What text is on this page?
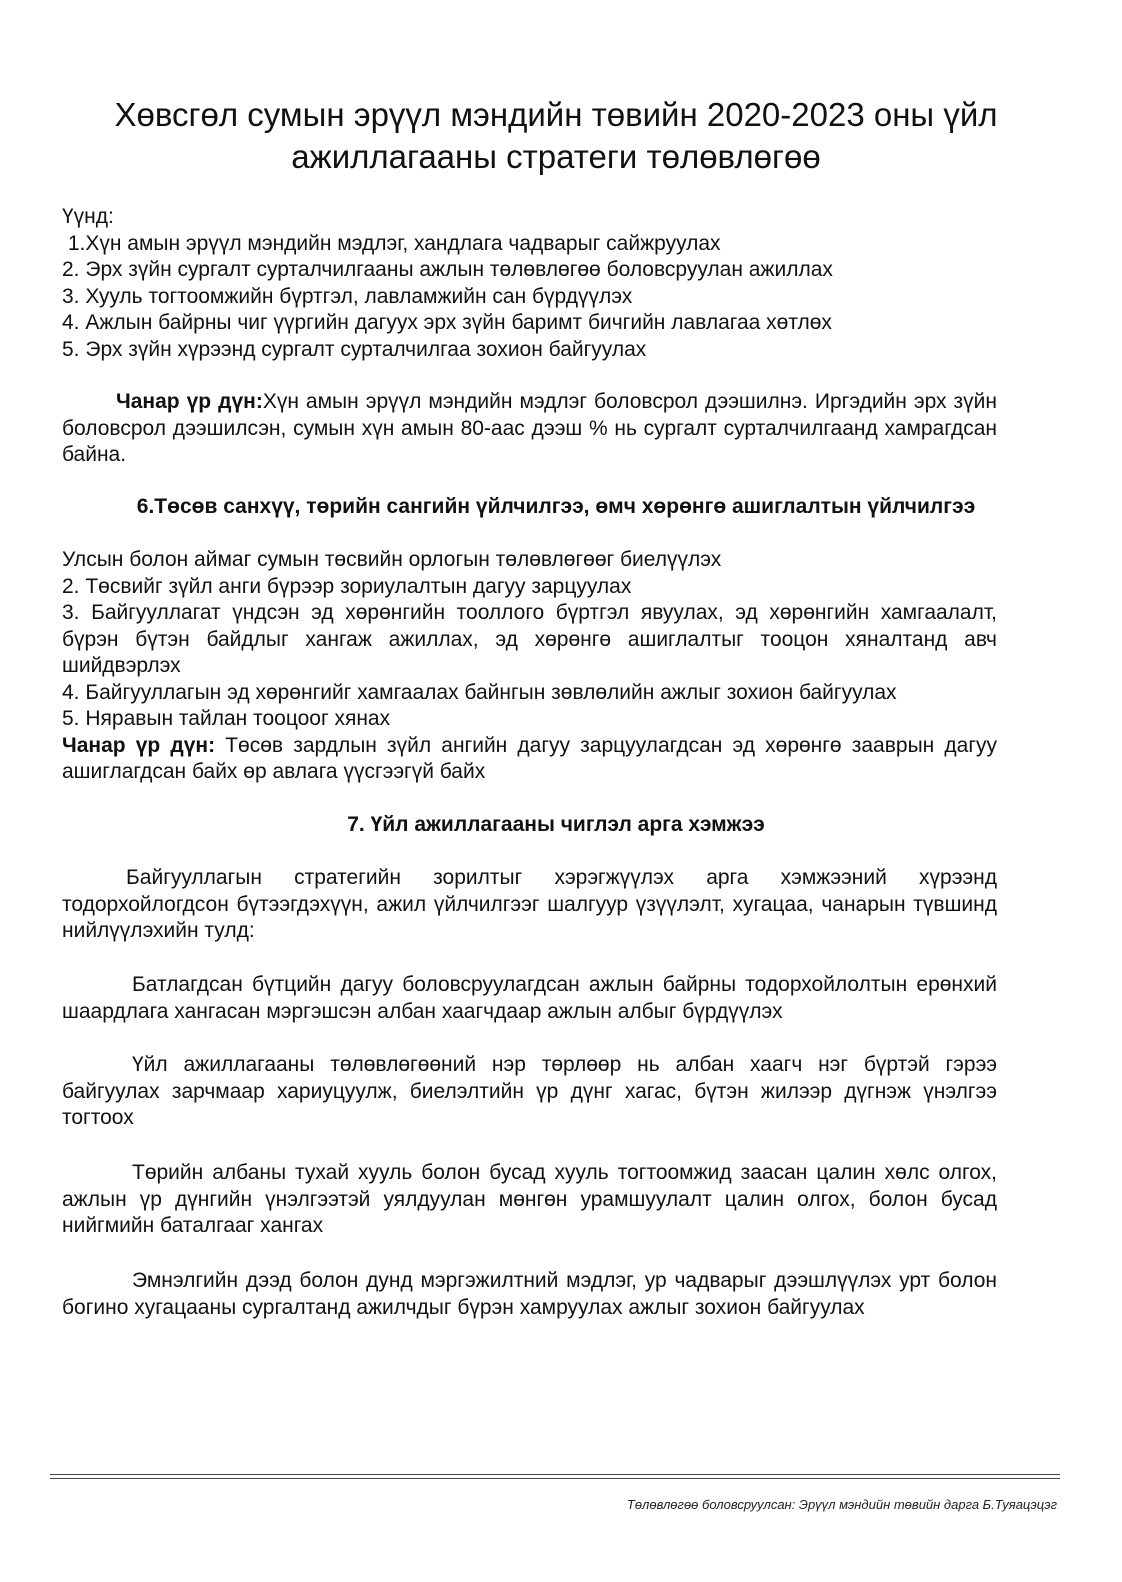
Хөвсгөл сумын эрүүл мэндийн төвийн 2020-2023 оны үйл ажиллагааны стратеги төлөвлөгөө
Үүнд:
1.Хүн амын эрүүл мэндийн мэдлэг, хандлага чадварыг сайжруулах
2. Эрх зүйн сургалт сурталчилгааны ажлын төлөвлөгөө боловсруулан ажиллах
3. Хууль тогтоомжийн бүртгэл, лавламжийн сан бүрдүүлэх
4. Ажлын байрны чиг үүргийн дагуух эрх зүйн баримт бичгийн лавлагаа хөтлөх
5. Эрх зүйн хүрээнд сургалт сурталчилгаа зохион байгуулах

Чанар үр дүн:Хүн амын эрүүл мэндийн мэдлэг боловсрол дээшилнэ. Иргэдийн эрх зүйн боловсрол дээшилсэн, сумын хүн амын 80-аас дээш % нь сургалт сурталчилгаанд хамрагдсан байна.

6.Төсөв санхүү, төрийн сангийн үйлчилгээ, өмч хөрөнгө ашиглалтын үйлчилгээ

Улсын болон аймаг сумын төсвийн орлогын төлөвлөгөөг биелүүлэх
2. Төсвийг зүйл анги бүрээр зориулалтын дагуу зарцуулах
3. Байгууллагат үндсэн эд хөрөнгийн тооллого бүртгэл явуулах, эд хөрөнгийн хамгаалалт, бүрэн бүтэн байдлыг хангаж ажиллах, эд хөрөнгө ашиглалтыг тооцон хяналтанд авч шийдвэрлэх
4. Байгууллагын эд хөрөнгийг хамгаалах байнгын зөвлөлийн ажлыг зохион байгуулах
5. Няравын тайлан тооцоог хянах
Чанар үр дүн: Төсөв зардлын зүйл ангийн дагуу зарцуулагдсан эд хөрөнгө зааврын дагуу ашиглагдсан байх өр авлага үүсгээгүй байх

7. Үйл ажиллагааны чиглэл арга хэмжээ

Байгууллагын стратегийн зорилтыг хэрэгжүүлэх арга хэмжээний хүрээнд тодорхойлогдсон бүтээгдэхүүн, ажил үйлчилгээг шалгуур үзүүлэлт, хугацаа, чанарын түвшинд нийлүүлэхийн тулд:

Батлагдсан бүтцийн дагуу боловсруулагдсан ажлын байрны тодорхойлолтын ерөнхий шаардлага хангасан мэргэшсэн албан хаагчдаар ажлын албыг бүрдүүлэх

Үйл ажиллагааны төлөвлөгөөний нэр төрлөөр нь албан хаагч нэг бүртэй гэрээ байгуулах зарчмаар хариуцуулж, биелэлтийн үр дүнг хагас, бүтэн жилээр дүгнэж үнэлгээ тогтоох

Төрийн албаны тухай хууль болон бусад хууль тогтоомжид заасан цалин хөлс олгох, ажлын үр дүнгийн үнэлгээтэй уялдуулан мөнгөн урамшуулалт цалин олгох, болон бусад нийгмийн баталгааг хангах

Эмнэлгийн дээд болон дунд мэргэжилтний мэдлэг, ур чадварыг дээшлүүлэх урт болон богино хугацааны сургалтанд ажилчдыг бүрэн хамруулах ажлыг зохион байгуулах

Төлөвлөгөө боловсруулсан: Эрүүл мэндийн төвийн дарга Б.Туяацэцэг
